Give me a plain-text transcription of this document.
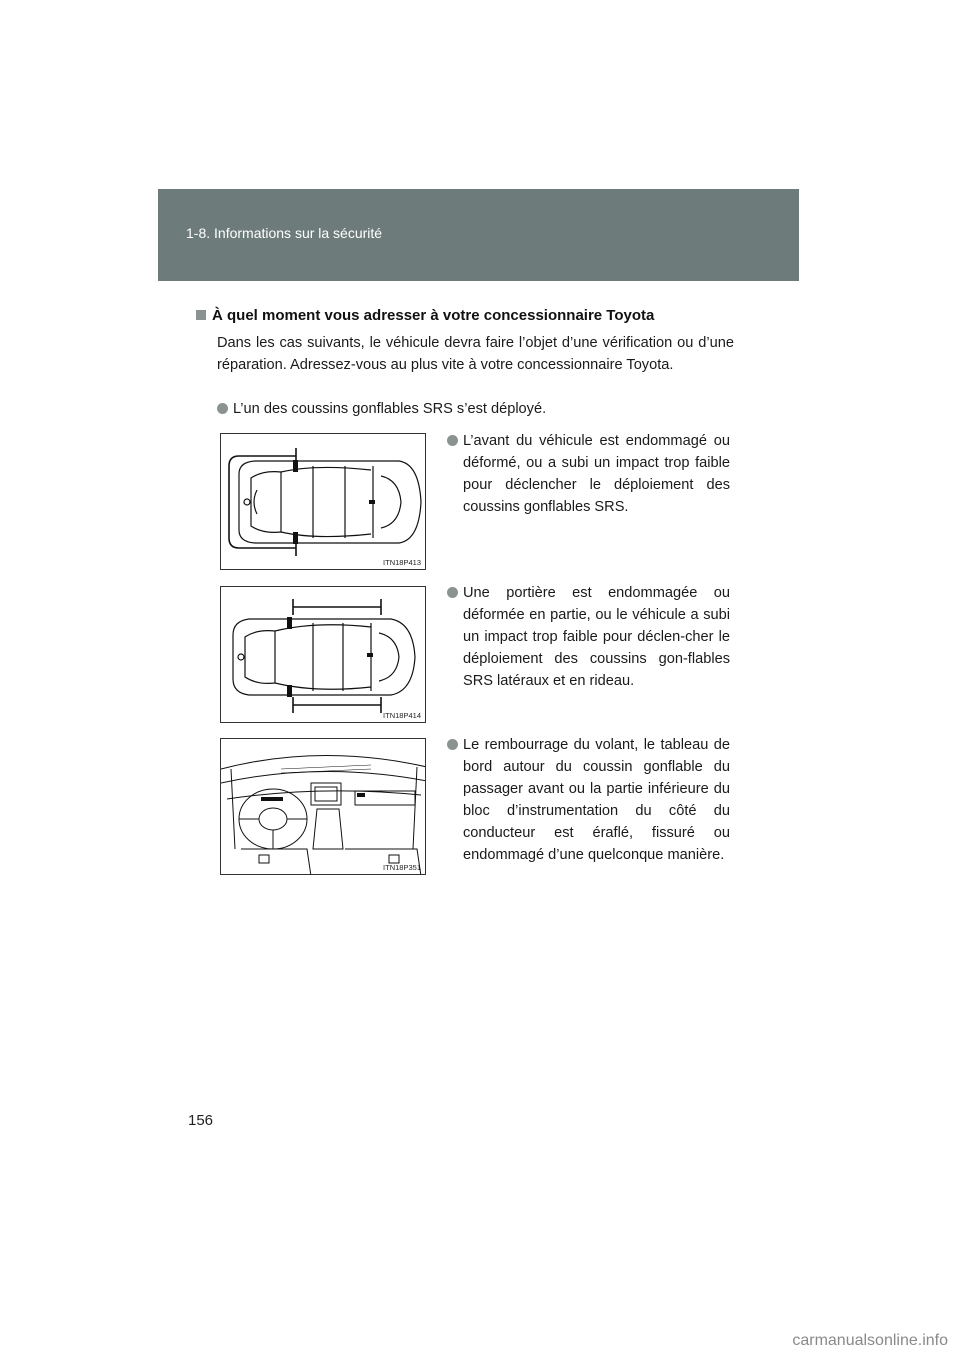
1-8. Informations sur la sécurité
À quel moment vous adresser à votre concessionnaire Toyota
Dans les cas suivants, le véhicule devra faire l’objet d’une vérification ou d’une réparation. Adressez-vous au plus vite à votre concessionnaire Toyota.
L’un des coussins gonflables SRS s’est déployé.
ITN18P413
L’avant du véhicule est endommagé ou déformé, ou a subi un impact trop faible pour déclencher le déploiement des coussins gonflables SRS.
ITN18P414
Une portière est endommagée ou déformée en partie, ou le véhicule a subi un impact trop faible pour déclen-cher le déploiement des coussins gon-flables SRS latéraux et en rideau.
ITN18P351
Le rembourrage du volant, le tableau de bord autour du coussin gonflable du passager avant ou la partie inférieure du bloc d’instrumentation du côté du conducteur est éraflé, fissuré ou endommagé d’une quelconque manière.
156
carmanualsonline.info
